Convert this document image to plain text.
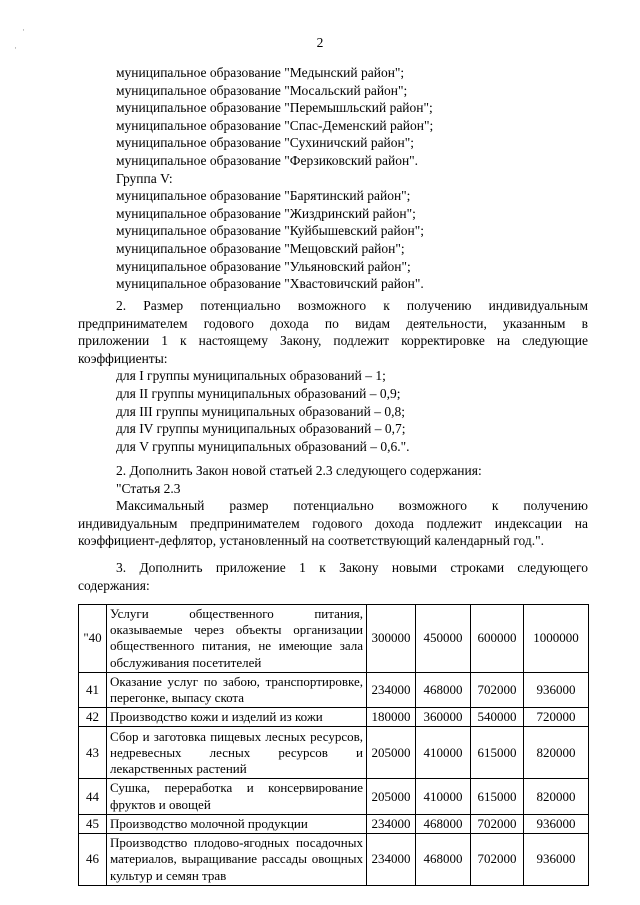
2
·
·
муниципальное образование "Медынский район";
муниципальное образование "Мосальский район";
муниципальное образование "Перемышльский район";
муниципальное образование "Спас-Деменский район";
муниципальное образование "Сухиничский район";
муниципальное образование "Ферзиковский район".
Группа V:
муниципальное образование "Барятинский район";
муниципальное образование "Жиздринский район";
муниципальное образование "Куйбышевский район";
муниципальное образование "Мещовский район";
муниципальное образование "Ульяновский район";
муниципальное образование "Хвастовичский район".
2. Размер потенциально возможного к получению индивидуальным
предпринимателем годового дохода по видам деятельности, указанным в
приложении 1 к настоящему Закону, подлежит корректировке на следующие
коэффициенты:
для I группы муниципальных образований – 1;
для II группы муниципальных образований – 0,9;
для III группы муниципальных образований – 0,8;
для IV группы муниципальных образований – 0,7;
для V группы муниципальных образований – 0,6.".
2. Дополнить Закон новой статьей 2.3 следующего содержания:
"Статья 2.3
Максимальный размер потенциально возможного к получению
индивидуальным предпринимателем годового дохода подлежит индексации на
коэффициент-дефлятор, установленный на соответствующий календарный год.".
3. Дополнить приложение 1 к Закону новыми строками следующего
содержания:
"40	Услуги общественного питания, оказываемые через объекты организации общественного питания, не имеющие зала обслуживания посетителей	300000	450000	600000	1000000
41	Оказание услуг по забою, транспортировке, перегонке, выпасу скота	234000	468000	702000	936000
42	Производство кожи и изделий из кожи	180000	360000	540000	720000
43	Сбор и заготовка пищевых лесных ресурсов, недревесных лесных ресурсов и лекарственных растений	205000	410000	615000	820000
44	Сушка, переработка и консервирование фруктов и овощей	205000	410000	615000	820000
45	Производство молочной продукции	234000	468000	702000	936000
46	Производство плодово-ягодных посадочных материалов, выращивание рассады овощных культур и семян трав	234000	468000	702000	936000
